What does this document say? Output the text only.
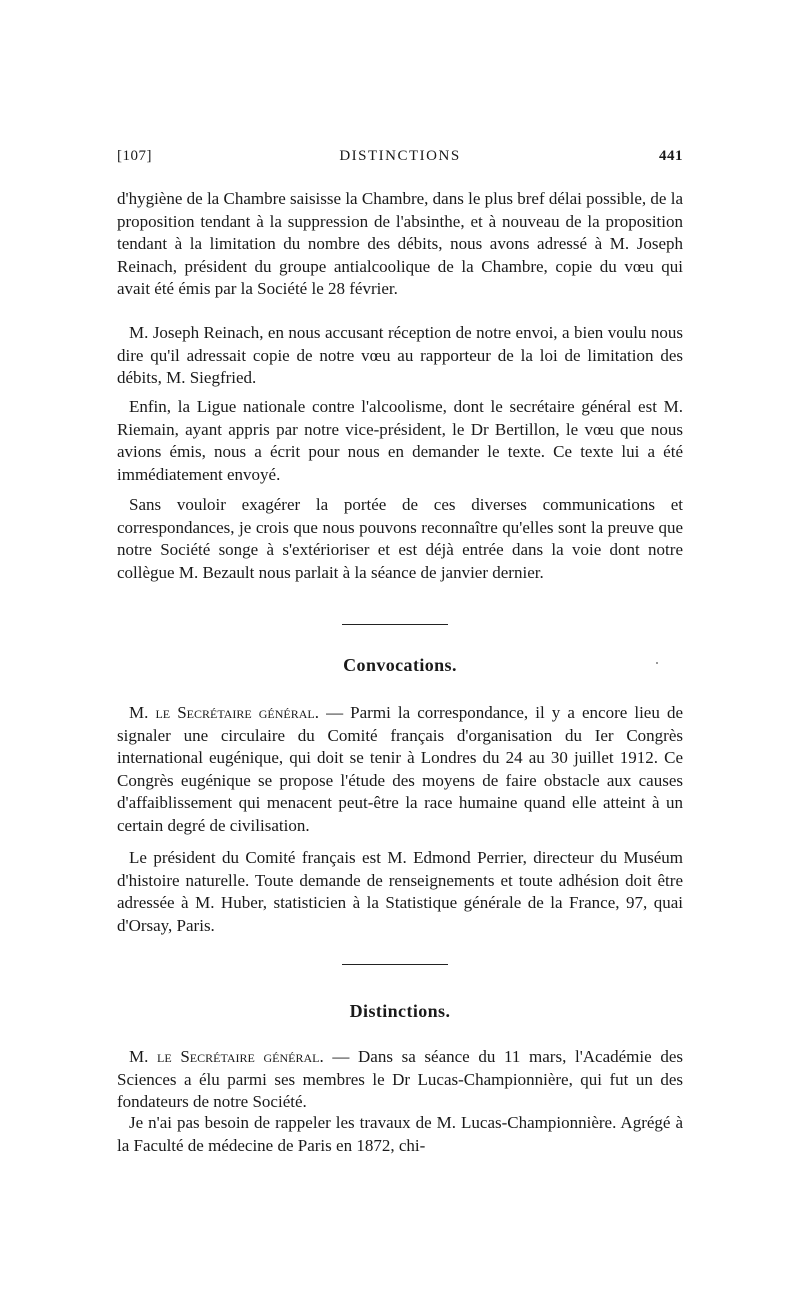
[107]	DISTINCTIONS	441
d'hygiène de la Chambre saisisse la Chambre, dans le plus bref délai possible, de la proposition tendant à la suppression de l'absinthe, et à nouveau de la proposition tendant à la limitation du nombre des débits, nous avons adressé à M. Joseph Reinach, président du groupe antialcoolique de la Chambre, copie du vœu qui avait été émis par la Société le 28 février.
M. Joseph Reinach, en nous accusant réception de notre envoi, a bien voulu nous dire qu'il adressait copie de notre vœu au rapporteur de la loi de limitation des débits, M. Siegfried.
Enfin, la Ligue nationale contre l'alcoolisme, dont le secrétaire général est M. Riemain, ayant appris par notre vice-président, le Dr Bertillon, le vœu que nous avions émis, nous a écrit pour nous en demander le texte. Ce texte lui a été immédiatement envoyé.
Sans vouloir exagérer la portée de ces diverses communications et correspondances, je crois que nous pouvons reconnaître qu'elles sont la preuve que notre Société songe à s'extérioriser et est déjà entrée dans la voie dont notre collègue M. Bezault nous parlait à la séance de janvier dernier.
Convocations.
M. le Secrétaire général. — Parmi la correspondance, il y a encore lieu de signaler une circulaire du Comité français d'organisation du Ier Congrès international eugénique, qui doit se tenir à Londres du 24 au 30 juillet 1912. Ce Congrès eugénique se propose l'étude des moyens de faire obstacle aux causes d'affaiblissement qui menacent peut-être la race humaine quand elle atteint à un certain degré de civilisation.
Le président du Comité français est M. Edmond Perrier, directeur du Muséum d'histoire naturelle. Toute demande de renseignements et toute adhésion doit être adressée à M. Huber, statisticien à la Statistique générale de la France, 97, quai d'Orsay, Paris.
Distinctions.
M. le Secrétaire général. — Dans sa séance du 11 mars, l'Académie des Sciences a élu parmi ses membres le Dr Lucas-Championnière, qui fut un des fondateurs de notre Société.
Je n'ai pas besoin de rappeler les travaux de M. Lucas-Championnière. Agrégé à la Faculté de médecine de Paris en 1872, chi-
